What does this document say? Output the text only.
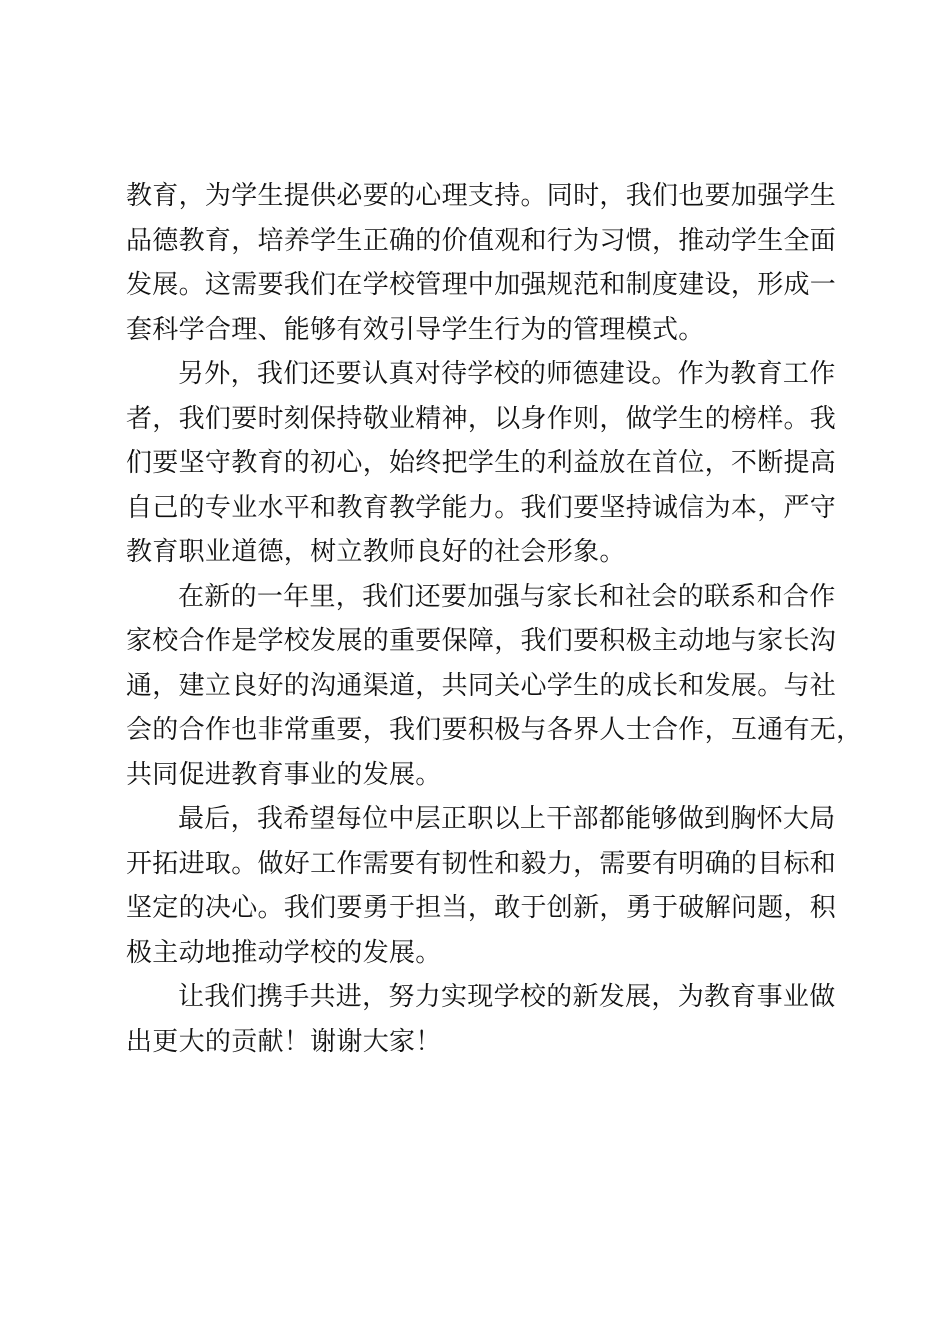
教育，为学生提供必要的心理支持。同时，我们也要加强学生
品德教育，培养学生正确的价值观和行为习惯，推动学生全面
发展。这需要我们在学校管理中加强规范和制度建设，形成一
套科学合理、能够有效引导学生行为的管理模式。
另外，我们还要认真对待学校的师德建设。作为教育工作
者，我们要时刻保持敬业精神，以身作则，做学生的榜样。我
们要坚守教育的初心，始终把学生的利益放在首位，不断提高
自己的专业水平和教育教学能力。我们要坚持诚信为本，严守
教育职业道德，树立教师良好的社会形象。
在新的一年里，我们还要加强与家长和社会的联系和合作
家校合作是学校发展的重要保障，我们要积极主动地与家长沟
通，建立良好的沟通渠道，共同关心学生的成长和发展。与社
会的合作也非常重要，我们要积极与各界人士合作，互通有无，
共同促进教育事业的发展。
最后，我希望每位中层正职以上干部都能够做到胸怀大局
开拓进取。做好工作需要有韧性和毅力，需要有明确的目标和
坚定的决心。我们要勇于担当，敢于创新，勇于破解问题，积
极主动地推动学校的发展。
让我们携手共进，努力实现学校的新发展，为教育事业做
出更大的贡献！谢谢大家！
